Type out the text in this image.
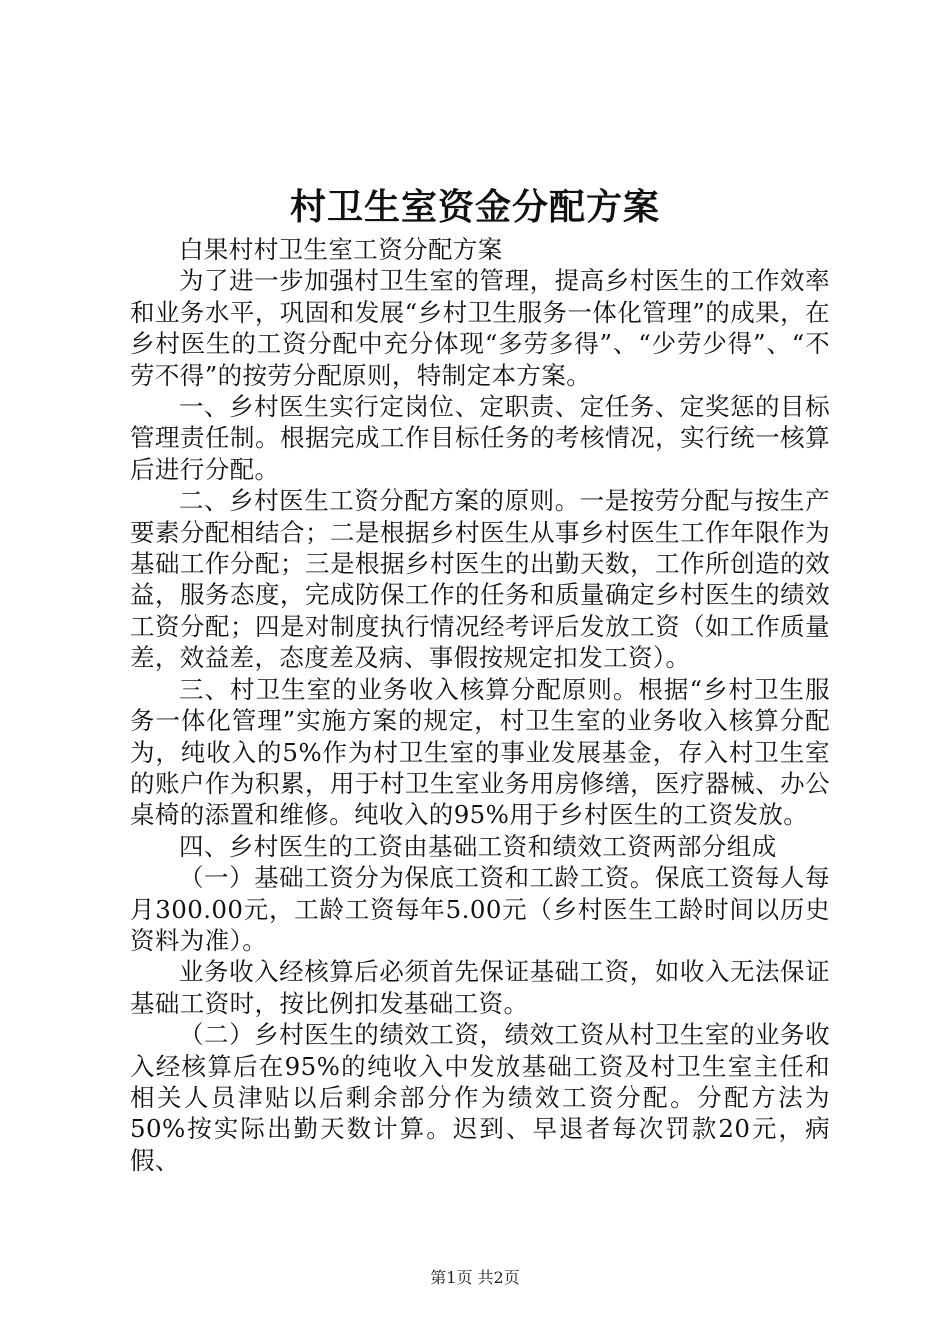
村卫生室资金分配方案

白果村村卫生室工资分配方案

为了进一步加强村卫生室的管理，提高乡村医生的工作效率和业务水平，巩固和发展“乡村卫生服务一体化管理”的成果，在乡村医生的工资分配中充分体现“多劳多得”、“少劳少得”、“不劳不得”的按劳分配原则，特制定本方案。

一、乡村医生实行定岗位、定职责、定任务、定奖惩的目标管理责任制。根据完成工作目标任务的考核情况，实行统一核算后进行分配。

二、乡村医生工资分配方案的原则。一是按劳分配与按生产要素分配相结合；二是根据乡村医生从事乡村医生工作年限作为基础工作分配；三是根据乡村医生的出勤天数，工作所创造的效益，服务态度，完成防保工作的任务和质量确定乡村医生的绩效工资分配；四是对制度执行情况经考评后发放工资（如工作质量差，效益差，态度差及病、事假按规定扣发工资）。

三、村卫生室的业务收入核算分配原则。根据“乡村卫生服务一体化管理”实施方案的规定，村卫生室的业务收入核算分配为，纯收入的5%作为村卫生室的事业发展基金，存入村卫生室的账户作为积累，用于村卫生室业务用房修缮，医疗器械、办公桌椅的添置和维修。纯收入的95%用于乡村医生的工资发放。

四、乡村医生的工资由基础工资和绩效工资两部分组成

（一）基础工资分为保底工资和工龄工资。保底工资每人每月300.00元，工龄工资每年5.00元（乡村医生工龄时间以历史资料为准）。

业务收入经核算后必须首先保证基础工资，如收入无法保证基础工资时，按比例扣发基础工资。

（二）乡村医生的绩效工资，绩效工资从村卫生室的业务收入经核算后在95%的纯收入中发放基础工资及村卫生室主任和相关人员津贴以后剩余部分作为绩效工资分配。分配方法为50%按实际出勤天数计算。迟到、早退者每次罚款20元，病假、

第1页 共2页
